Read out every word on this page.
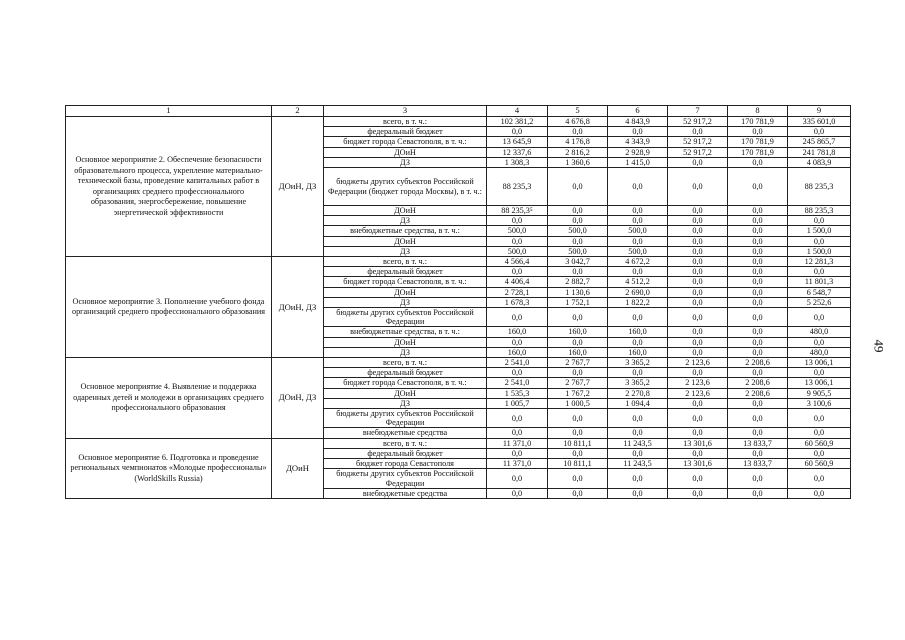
49
1	2	3	4	5	6	7	8	9
Основное мероприятие 2. Обеспечение безопасности образовательного процесса, укрепление материально-технической базы, проведение капитальных работ в организациях среднего профессионального образования, энергосбережение, повышение энергетической эффективности	ДОиН, ДЗ	всего, в т. ч.:	102 381,2	4 676,8	4 843,9	52 917,2	170 781,9	335 601,0
		федеральный бюджет	0,0	0,0	0,0	0,0	0,0	0,0
		бюджет города Севастополя, в т. ч.:	13 645,9	4 176,8	4 343,9	52 917,2	170 781,9	245 865,7
		ДОиН	12 337,6	2 816,2	2 928,9	52 917,2	170 781,9	241 781,8
		ДЗ	1 308,3	1 360,6	1 415,0	0,0	0,0	4 083,9
		бюджеты других субъектов Российской Федерации (бюджет города Москвы), в т. ч.:	88 235,3	0,0	0,0	0,0	0,0	88 235,3
		ДОиН	88 235,3⁵	0,0	0,0	0,0	0,0	88 235,3
		ДЗ	0,0	0,0	0,0	0,0	0,0	0,0
		внебюджетные средства, в т. ч.:	500,0	500,0	500,0	0,0	0,0	1 500,0
		ДОиН	0,0	0,0	0,0	0,0	0,0	0,0
		ДЗ	500,0	500,0	500,0	0,0	0,0	1 500,0
Основное мероприятие 3. Пополнение учебного фонда организаций среднего профессионального образования	ДОиН, ДЗ	всего, в т. ч.:	4 566,4	3 042,7	4 672,2	0,0	0,0	12 281,3
		федеральный бюджет	0,0	0,0	0,0	0,0	0,0	0,0
		бюджет города Севастополя, в т. ч.:	4 406,4	2 882,7	4 512,2	0,0	0,0	11 801,3
		ДОиН	2 728,1	1 130,6	2 690,0	0,0	0,0	6 548,7
		ДЗ	1 678,3	1 752,1	1 822,2	0,0	0,0	5 252,6
		бюджеты других субъектов Российской Федерации	0,0	0,0	0,0	0,0	0,0	0,0
		внебюджетные средства, в т. ч.:	160,0	160,0	160,0	0,0	0,0	480,0
		ДОиН	0,0	0,0	0,0	0,0	0,0	0,0
		ДЗ	160,0	160,0	160,0	0,0	0,0	480,0
Основное мероприятие 4. Выявление и поддержка одаренных детей и молодежи в организациях среднего профессионального образования	ДОиН, ДЗ	всего, в т. ч.:	2 541,0	2 767,7	3 365,2	2 123,6	2 208,6	13 006,1
		федеральный бюджет	0,0	0,0	0,0	0,0	0,0	0,0
		бюджет города Севастополя, в т. ч.:	2 541,0	2 767,7	3 365,2	2 123,6	2 208,6	13 006,1
		ДОиН	1 535,3	1 767,2	2 270,8	2 123,6	2 208,6	9 905,5
		ДЗ	1 005,7	1 000,5	1 094,4	0,0	0,0	3 100,6
		бюджеты других субъектов Российской Федерации	0,0	0,0	0,0	0,0	0,0	0,0
		внебюджетные средства	0,0	0,0	0,0	0,0	0,0	0,0
Основное мероприятие 6. Подготовка и проведение региональных чемпионатов «Молодые профессионалы» (WorldSkills Russia)	ДОиН	всего, в т. ч.:	11 371,0	10 811,1	11 243,5	13 301,6	13 833,7	60 560,9
		федеральный бюджет	0,0	0,0	0,0	0,0	0,0	0,0
		бюджет города Севастополя	11 371,0	10 811,1	11 243,5	13 301,6	13 833,7	60 560,9
		бюджеты других субъектов Российской Федерации	0,0	0,0	0,0	0,0	0,0	0,0
		внебюджетные средства	0,0	0,0	0,0	0,0	0,0	0,0
